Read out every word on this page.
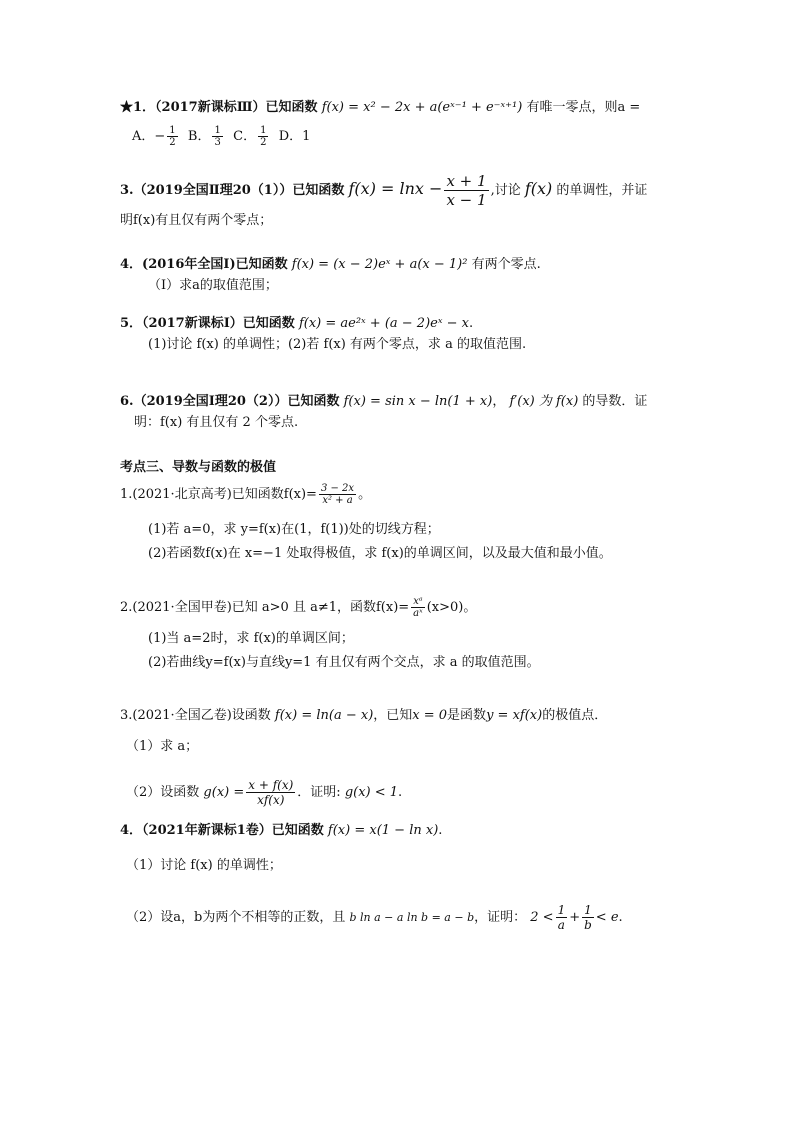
★1．（2017新课标Ⅲ）已知函数 f(x) = x² − 2x + a(eˣ⁻¹ + e⁻ˣ⁺¹) 有唯一零点，则a =
A．− $\frac{1}{2}$ B． $\frac{1}{3}$ C． $\frac{1}{2}$ D．1
3.（2019全国Ⅱ理20（1））已知函数 $f(x) = \ln x - \frac{x + 1}{x - 1}$ ,讨论 f(x) 的单调性，并证
明f(x)有且仅有两个零点；
4．(2016年全国Ⅰ)已知函数 f(x) = (x − 2)eˣ + a(x − 1)² 有两个零点.
（Ⅰ）求a的取值范围；
5．（2017新课标Ⅰ）已知函数 f(x) = ae²ˣ + (a − 2)eˣ − x.
(1)讨论 f(x) 的单调性；(2)若 f(x) 有两个零点，求 a 的取值范围.
6.（2019全国Ⅰ理20（2））已知函数 f(x) = sin x − ln(1 + x)， f′(x) 为 f(x) 的导数．证
明：f(x) 有且仅有 2 个零点.
考点三、导数与函数的极值
1.(2021·北京高考)已知函数$f(x)= \frac{3 - 2x}{\text{x² + a}}$ 。
(1)若 a=0，求 y=f(x)在(1，f(1))处的切线方程；
(2)若函数f(x)在 x=−1 处取得极值，求 f(x)的单调区间，以及最大值和最小值。
2.(2021·全国甲卷)已知 a>0 且 a≠1，函数$f(x)= \frac{\text{xᵃ}}{\text{aˣ}} (x>0)$。
(1)当 a=2时，求 f(x)的单调区间；
(2)若曲线y=f(x)与直线y=1 有且仅有两个交点，求 a 的取值范围。
3.(2021·全国乙卷)设函数 f(x) = ln(a − x)，已知x = 0是函数y = xf(x)的极值点．
（1）求 a；
（2）设函数 $g(x) = \frac{x + f(x)}{xf(x)}$ ．证明: g(x) < 1.
4．（2021年新课标1卷）已知函数 f(x) = x(1 − ln x).
（1）讨论 f(x) 的单调性；
（2）设a，b为两个不相等的正数，且 b ln a − a ln b = a − b，证明： $2 < \frac{1}{a} + \frac{1}{b} < e$.
